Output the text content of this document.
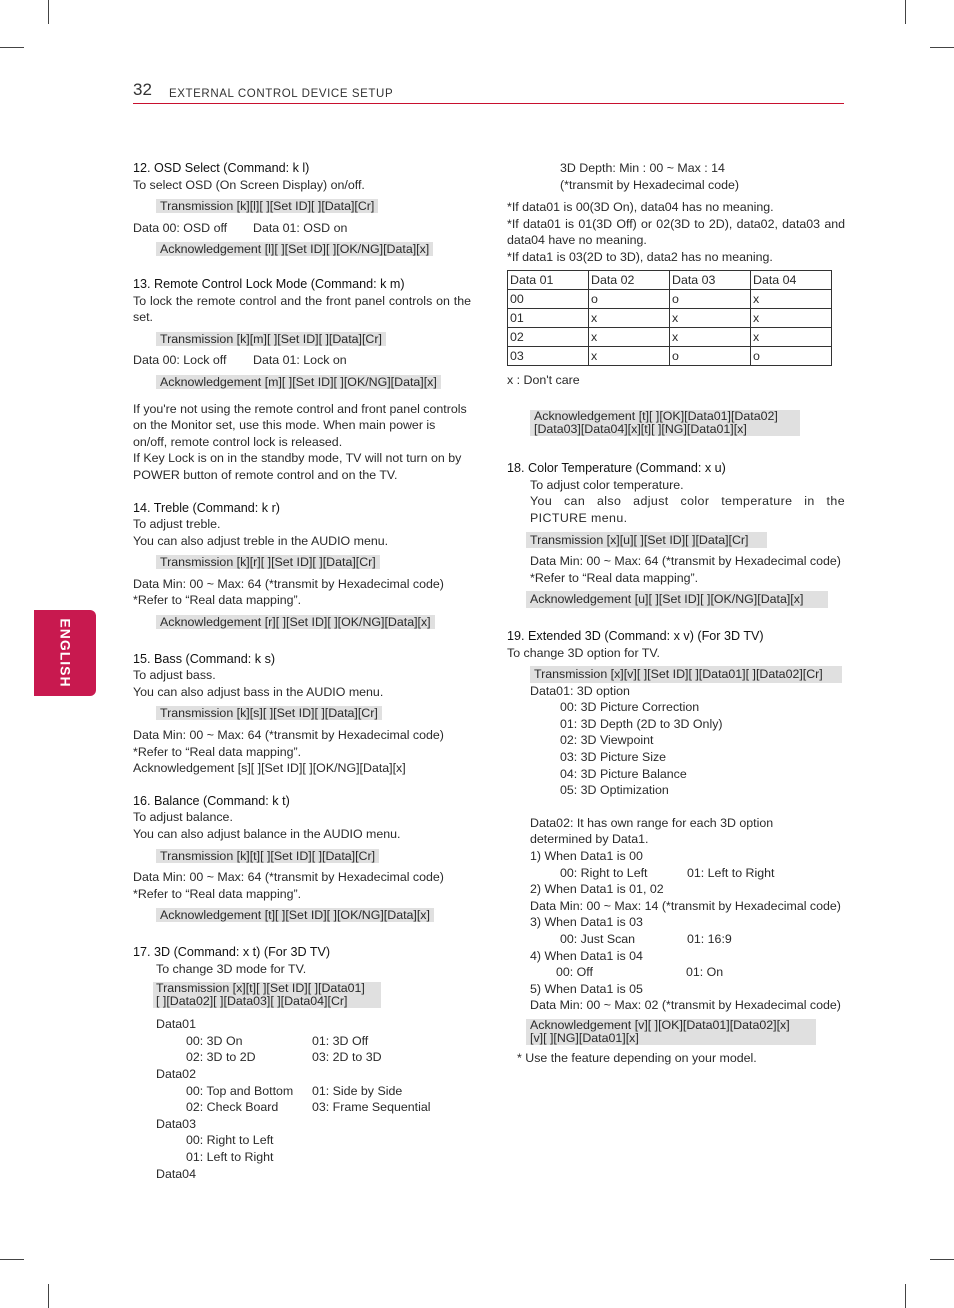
32 EXTERNAL CONTROL DEVICE SETUP
ENGLISH
12. OSD Select (Command: k l)

To select OSD (On Screen Display) on/off.

Transmission [k][l][ ][Set ID][ ][Data][Cr]
Data 00: OSD off	Data 01: OSD on
Acknowledgement [l][ ][Set ID][ ][OK/NG][Data][x]
13. Remote Control Lock Mode (Command: k m)

To lock the remote control and the front panel controls on the set.

Transmission [k][m][ ][Set ID][ ][Data][Cr]
Data 00: Lock off	Data 01: Lock on
Acknowledgement [m][ ][Set ID][ ][OK/NG][Data][x]

If you're not using the remote control and front panel controls on the Monitor set, use this mode. When main power is on/off, remote control lock is released.

If Key Lock is on in the standby mode, TV will not turn on by POWER button of remote control and on the TV.

14. Treble (Command: k r)

To adjust treble.

You can also adjust treble in the AUDIO menu.

Transmission [k][r][ ][Set ID][ ][Data][Cr]

Data Min: 00 ~ Max: 64 (*transmit by Hexadecimal code)

*Refer to “Real data mapping”.

Acknowledgement [r][ ][Set ID][ ][OK/NG][Data][x]
15. Bass (Command: k s)

To adjust bass.

You can also adjust bass in the AUDIO menu.

Transmission [k][s][ ][Set ID][ ][Data][Cr]

Data Min: 00 ~ Max: 64 (*transmit by Hexadecimal code)

*Refer to “Real data mapping”.

Acknowledgement [s][ ][Set ID][ ][OK/NG][Data][x]

16. Balance (Command: k t)

To adjust balance.

You can also adjust balance in the AUDIO menu.

Transmission [k][t][ ][Set ID][ ][Data][Cr]

Data Min: 00 ~ Max: 64 (*transmit by Hexadecimal code)

*Refer to “Real data mapping”.

Acknowledgement [t][ ][Set ID][ ][OK/NG][Data][x]
17. 3D (Command: x t) (For 3D TV)

To change 3D mode for TV.

Transmission [x][t][ ][Set ID][ ][Data01]
[ ][Data02][ ][Data03][ ][Data04][Cr]

Data01

00: 3D On	01: 3D Off
02: 3D to 2D	03: 2D to 3D

Data02

00: Top and Bottom	01: Side by Side
02: Check Board	03: Frame Sequential

Data03

00: Right to Left

01: Left to Right

Data04

3D Depth: Min : 00 ~ Max : 14

(*transmit by Hexadecimal code)

*If data01 is 00(3D On), data04 has no meaning.

*If data01 is 01(3D Off) or 02(3D to 2D), data02, data03 and data04 have no meaning.

*If data1 is 03(2D to 3D), data2 has no meaning.

Data 01	Data 02	Data 03	Data 04
00	o	o	x
01	x	x	x
02	x	x	x
03	x	o	o

x : Don't care

Acknowledgement [t][ ][OK][Data01][Data02]
[Data03][Data04][x][t][ ][NG][Data01][x]
18. Color Temperature (Command: x u)

To adjust color temperature.

You can also adjust color temperature in the PICTURE menu.

Transmission [x][u][ ][Set ID][ ][Data][Cr]

Data Min: 00 ~ Max: 64 (*transmit by Hexadecimal code)

*Refer to “Real data mapping”.

Acknowledgement [u][ ][Set ID][ ][OK/NG][Data][x]
19. Extended 3D (Command: x v) (For 3D TV)

To change 3D option for TV.

Transmission [x][v][ ][Set ID][ ][Data01][ ][Data02][Cr]

Data01: 3D option

00: 3D Picture Correction

01: 3D Depth (2D to 3D Only)

02: 3D Viewpoint

03: 3D Picture Size

04: 3D Picture Balance

05: 3D Optimization

Data02: It has own range for each 3D option determined by Data1.

1) When Data1 is 00

00: Right to Left	01: Left to Right

2) When Data1 is 01, 02

Data Min: 00 ~ Max: 14 (*transmit by Hexadecimal code)

3) When Data1 is 03

00: Just Scan	01: 16:9

4) When Data1 is 04

00: Off	01: On

5) When Data1 is 05

Data Min: 00 ~ Max: 02 (*transmit by Hexadecimal code)

Acknowledgement [v][ ][OK][Data01][Data02][x]
[v][ ][NG][Data01][x]

* Use the feature depending on your model.
